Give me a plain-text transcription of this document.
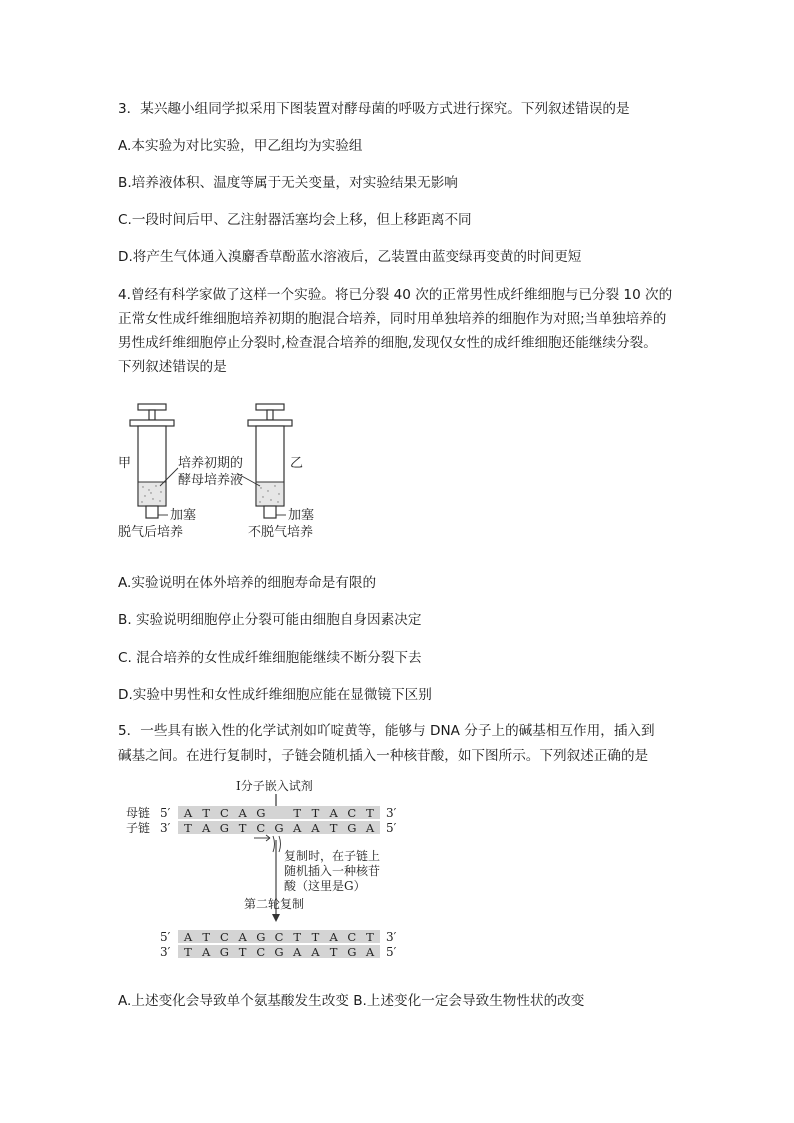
3．某兴趣小组同学拟采用下图装置对酵母菌的呼吸方式进行探究。下列叙述错误的是
A.本实验为对比实验，甲乙组均为实验组
B.培养液体积、温度等属于无关变量，对实验结果无影响
C.一段时间后甲、乙注射器活塞均会上移，但上移距离不同
D.将产生气体通入溴麝香草酚蓝水溶液后，乙装置由蓝变绿再变黄的时间更短
4.曾经有科学家做了这样一个实验。将已分裂 40 次的正常男性成纤维细胞与已分裂 10 次的
正常女性成纤维细胞培养初期的胞混合培养，同时用单独培养的细胞作为对照;当单独培养的
男性成纤维细胞停止分裂时,检查混合培养的细胞,发现仅女性的成纤维细胞还能继续分裂。
下列叙述错误的是
甲	乙
培养初期的
酵母培养液
加塞	加塞
脱气后培养	不脱气培养
A.实验说明在体外培养的细胞寿命是有限的
B. 实验说明细胞停止分裂可能由细胞自身因素决定
C. 混合培养的女性成纤维细胞能继续不断分裂下去
D.实验中男性和女性成纤维细胞应能在显微镜下区别
5．一些具有嵌入性的化学试剂如吖啶黄等，能够与 DNA 分子上的碱基相互作用，插入到
碱基之间。在进行复制时，子链会随机插入一种核苷酸，如下图所示。下列叙述正确的是
I分子嵌入试剂
母链
子链
5′ A T C A G T T A C T 3′
3′ T A G T C G A A T G A 5′
复制时，在子链上
随机插入一种核苷
酸（这里是G）
第二轮复制
5′ A T C A G C T T A C T 3′
3′ T A G T C G A A T G A 5′
A.上述变化会导致单个氨基酸发生改变 B.上述变化一定会导致生物性状的改变
